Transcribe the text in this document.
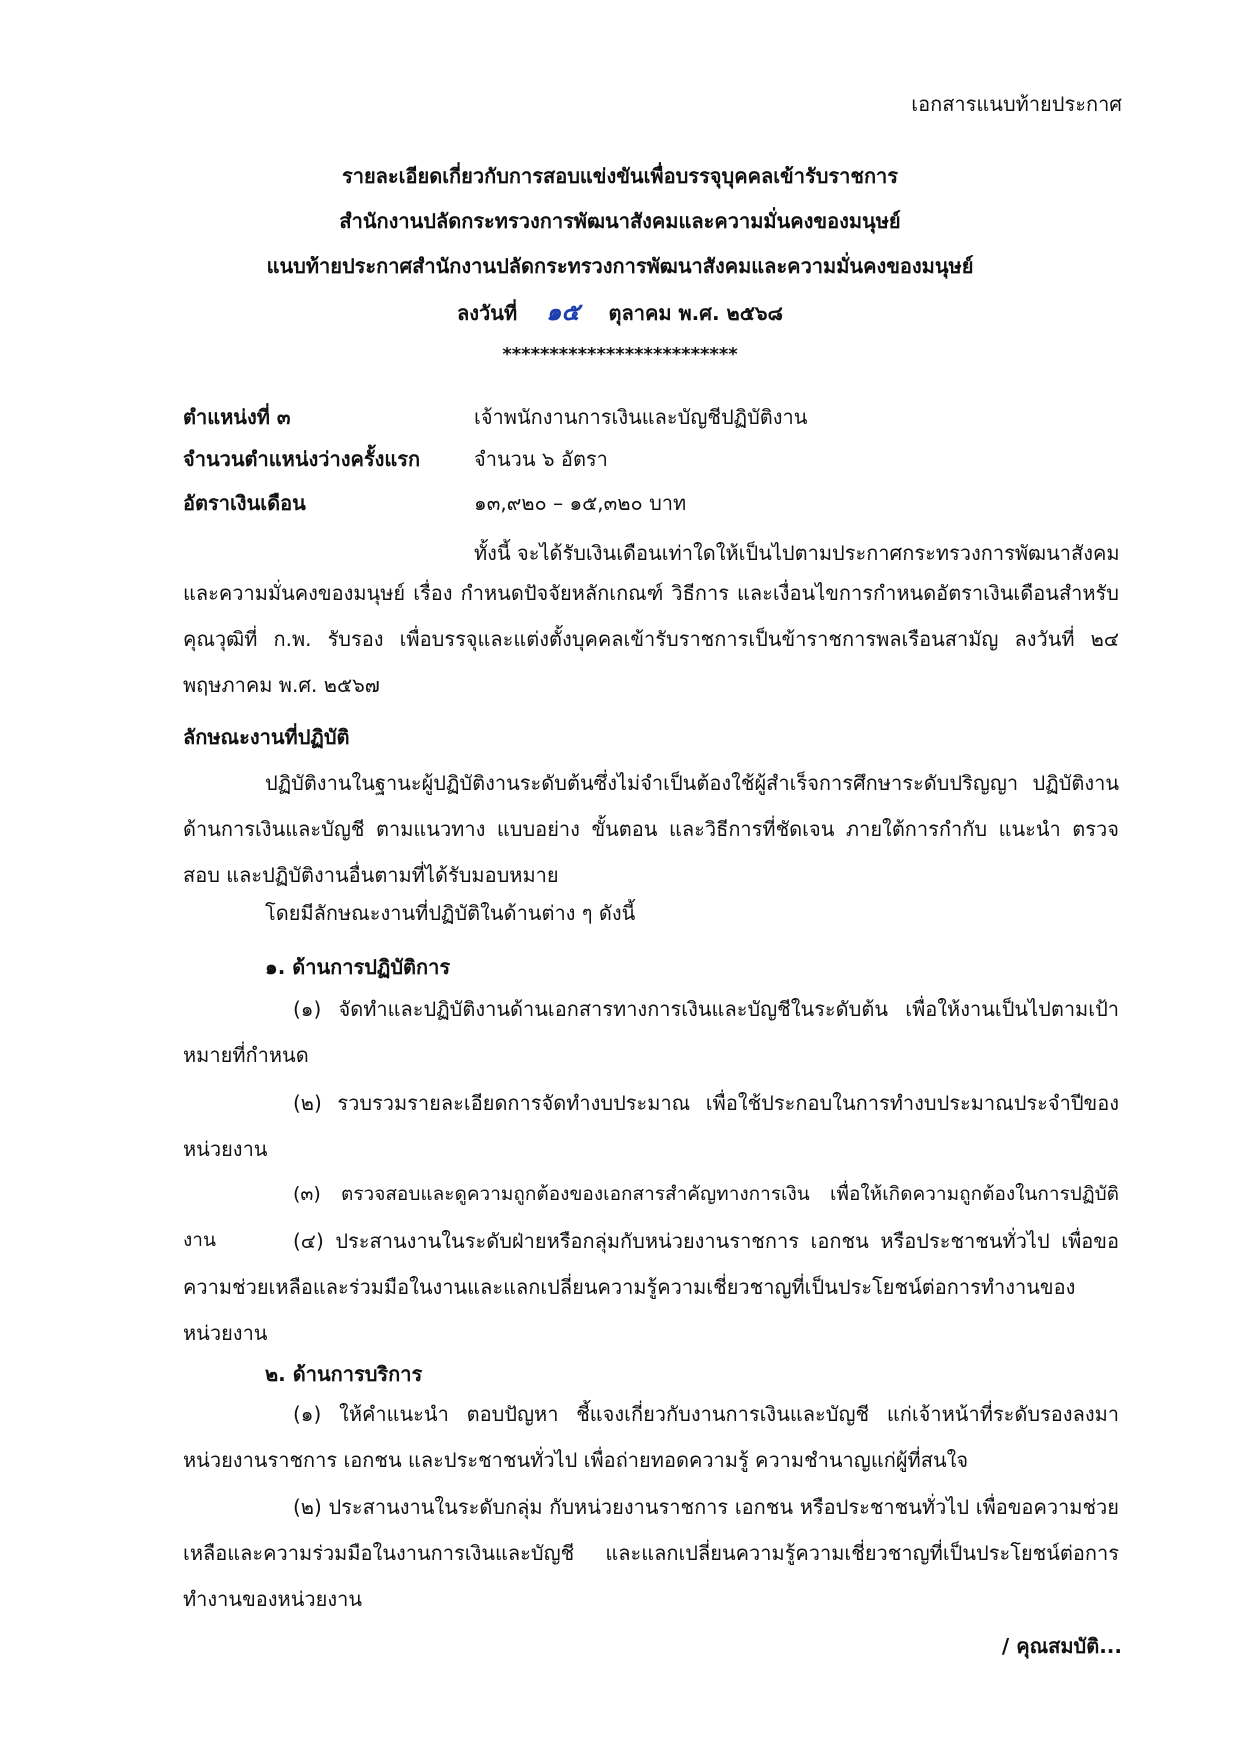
เอกสารแนบท้ายประกาศ
รายละเอียดเกี่ยวกับการสอบแข่งขันเพื่อบรรจุบุคคลเข้ารับราชการ
สำนักงานปลัดกระทรวงการพัฒนาสังคมและความมั่นคงของมนุษย์
แนบท้ายประกาศสำนักงานปลัดกระทรวงการพัฒนาสังคมและความมั่นคงของมนุษย์
ลงวันที่ ๑๕ ตุลาคม พ.ศ. ๒๕๖๘
*************************
ตำแหน่งที่ ๓	เจ้าพนักงานการเงินและบัญชีปฏิบัติงาน
จำนวนตำแหน่งว่างครั้งแรก	จำนวน ๖ อัตรา
อัตราเงินเดือน	๑๓,๙๒๐ – ๑๕,๓๒๐ บาท
ทั้งนี้ จะได้รับเงินเดือนเท่าใดให้เป็นไปตามประกาศกระทรวงการพัฒนาสังคม
และความมั่นคงของมนุษย์ เรื่อง กำหนดปัจจัยหลักเกณฑ์ วิธีการ และเงื่อนไขการกำหนดอัตราเงินเดือนสำหรับคุณวุฒิที่ ก.พ. รับรอง เพื่อบรรจุและแต่งตั้งบุคคลเข้ารับราชการเป็นข้าราชการพลเรือนสามัญ ลงวันที่ ๒๔ พฤษภาคม พ.ศ. ๒๕๖๗
ลักษณะงานที่ปฏิบัติ
ปฏิบัติงานในฐานะผู้ปฏิบัติงานระดับต้นซึ่งไม่จำเป็นต้องใช้ผู้สำเร็จการศึกษาระดับปริญญา ปฏิบัติงานด้านการเงินและบัญชี ตามแนวทาง แบบอย่าง ขั้นตอน และวิธีการที่ชัดเจน ภายใต้การกำกับ แนะนำ ตรวจสอบ และปฏิบัติงานอื่นตามที่ได้รับมอบหมาย
โดยมีลักษณะงานที่ปฏิบัติในด้านต่าง ๆ ดังนี้
๑. ด้านการปฏิบัติการ
(๑) จัดทำและปฏิบัติงานด้านเอกสารทางการเงินและบัญชีในระดับต้น เพื่อให้งานเป็นไปตามเป้าหมายที่กำหนด
(๒) รวบรวมรายละเอียดการจัดทำงบประมาณ เพื่อใช้ประกอบในการทำงบประมาณประจำปีของหน่วยงาน
(๓) ตรวจสอบและดูความถูกต้องของเอกสารสำคัญทางการเงิน เพื่อให้เกิดความถูกต้องในการปฏิบัติงาน	(๔) ประสานงานในระดับฝ่ายหรือกลุ่มกับหน่วยงานราชการ เอกชน หรือประชาชนทั่วไป เพื่อขอความช่วยเหลือและร่วมมือในงานและแลกเปลี่ยนความรู้ความเชี่ยวชาญที่เป็นประโยชน์ต่อการทำงานของหน่วยงาน
๒. ด้านการบริการ
(๑) ให้คำแนะนำ ตอบปัญหา ชี้แจงเกี่ยวกับงานการเงินและบัญชี แก่เจ้าหน้าที่ระดับรองลงมา หน่วยงานราชการ เอกชน และประชาชนทั่วไป เพื่อถ่ายทอดความรู้ ความชำนาญแก่ผู้ที่สนใจ
(๒) ประสานงานในระดับกลุ่ม กับหน่วยงานราชการ เอกชน หรือประชาชนทั่วไป เพื่อขอความช่วยเหลือและความร่วมมือในงานการเงินและบัญชี และแลกเปลี่ยนความรู้ความเชี่ยวชาญที่เป็นประโยชน์ต่อการทำงานของหน่วยงาน
/ คุณสมบัติ...
